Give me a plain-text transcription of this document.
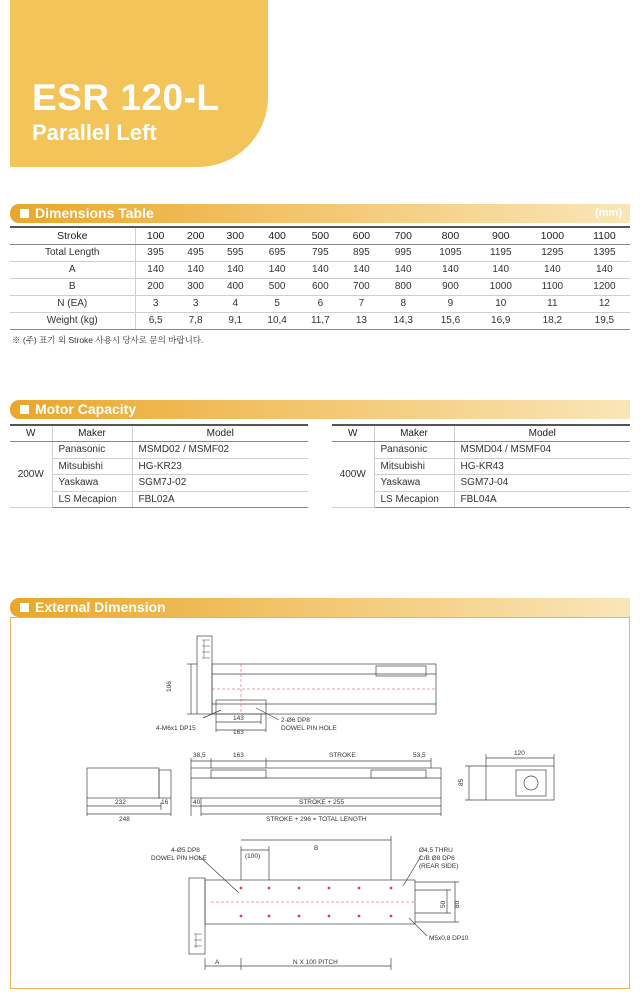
ESR 120-L
Parallel Left
Dimensions Table	(mm)
Stroke	100	200	300	400	500	600	700	800	900	1000	1100
Total Length	395	495	595	695	795	895	995	1095	1195	1295	1395
A	140	140	140	140	140	140	140	140	140	140	140
B	200	300	400	500	600	700	800	900	1000	1100	1200
N (EA)	3	3	4	5	6	7	8	9	10	11	12
Weight (kg)	6,5	7,8	9,1	10,4	11,7	13	14,3	15,6	16,9	18,2	19,5
※ (주) 표기 외 Stroke 사용시 당사로 문의 바랍니다.
Motor Capacity
W	Maker	Model
200W	Panasonic	MSMD02 / MSMF02
	Mitsubishi	HG-KR23
	Yaskawa	SGM7J-02
	LS Mecapion	FBL02A
W	Maker	Model
400W	Panasonic	MSMD04 / MSMF04
	Mitsubishi	HG-KR43
	Yaskawa	SGM7J-04
	LS Mecapion	FBL04A
External Dimension
106
4-M6x1 DP15
143
163
2-Ø6 DP8
DOWEL PIN HOLE
38,5	163	STROKE	53,5	120
85
232	16
248
40	STROKE + 255
STROKE + 296 = TOTAL LENGTH
4-Ø5 DP8
DOWEL PIN HOLE	(100)
B	Ø4,5 THRU
C/B Ø8 DP6
(REAR SIDE)
50 80
M5x0,8 DP10
A	N X 100 PITCH
